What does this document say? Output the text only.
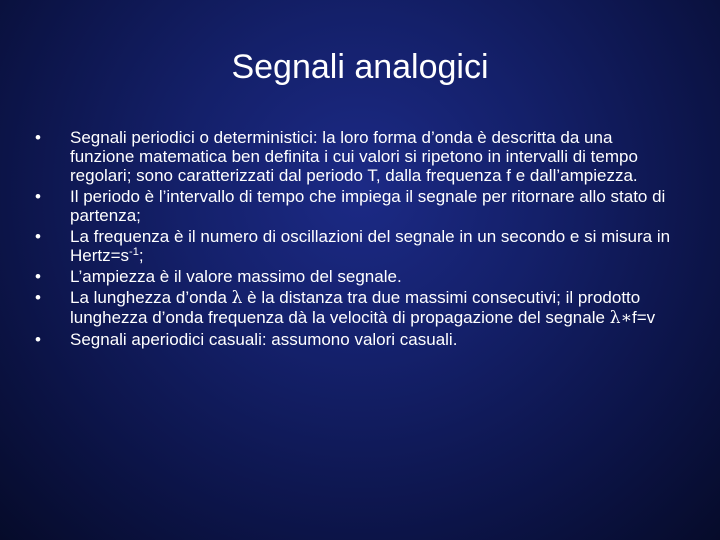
Segnali analogici
•	Segnali periodici o deterministici: la loro forma d’onda è descritta da una funzione matematica ben definita i cui valori si ripetono in intervalli di tempo regolari; sono caratterizzati dal periodo T, dalla frequenza f e dall’ampiezza.
•	Il periodo è l’intervallo di tempo che impiega il segnale per ritornare allo stato di partenza;
•	La frequenza è il numero di oscillazioni del segnale in un secondo e si misura in $Hertz=s^{-1}$;
•	L’ampiezza è il valore massimo del segnale.
•	La lunghezza d’onda λ è la distanza tra due massimi consecutivi; il prodotto lunghezza d’onda frequenza dà la velocità di propagazione del segnale λ∗f=v
•	Segnali aperiodici casuali: assumono valori casuali.
